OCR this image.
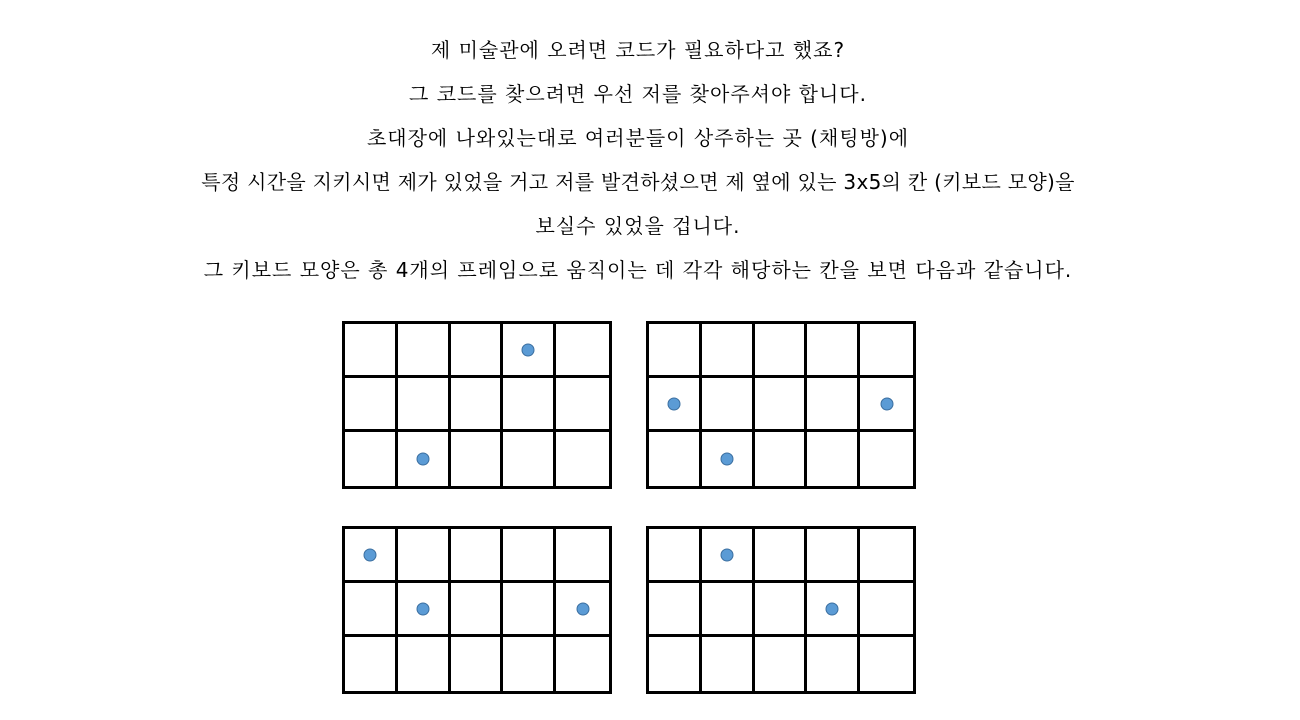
제 미술관에 오려면 코드가 필요하다고 했죠?
그 코드를 찾으려면 우선 저를 찾아주셔야 합니다.
초대장에 나와있는대로 여러분들이 상주하는 곳 (채팅방)에
특정 시간을 지키시면 제가 있었을 거고 저를 발견하셨으면 제 옆에 있는 3x5의 칸 (키보드 모양)을
보실수 있었을 겁니다.
그 키보드 모양은 총 4개의 프레임으로 움직이는 데 각각 해당하는 칸을 보면 다음과 같습니다.
